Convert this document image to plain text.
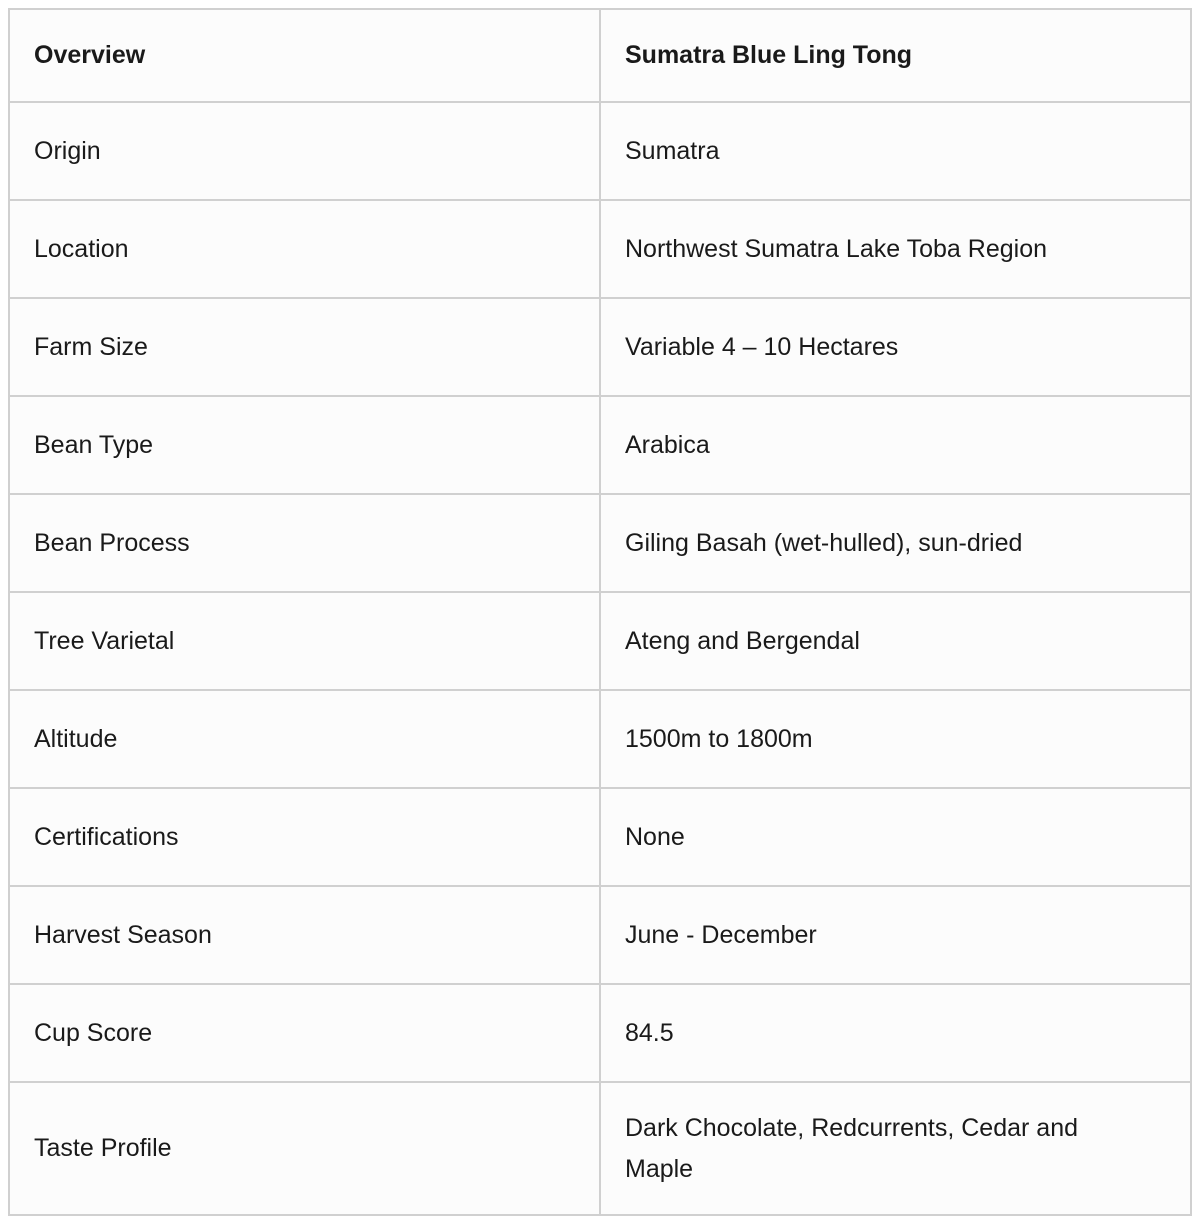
Overview	Sumatra Blue Ling Tong
Origin	Sumatra
Location	Northwest Sumatra Lake Toba Region
Farm Size	Variable 4 – 10 Hectares
Bean Type	Arabica
Bean Process	Giling Basah (wet-hulled), sun-dried
Tree Varietal	Ateng and Bergendal
Altitude	1500m to 1800m
Certifications	None
Harvest Season	June - December
Cup Score	84.5
Taste Profile	Dark Chocolate, Redcurrents, Cedar and Maple
